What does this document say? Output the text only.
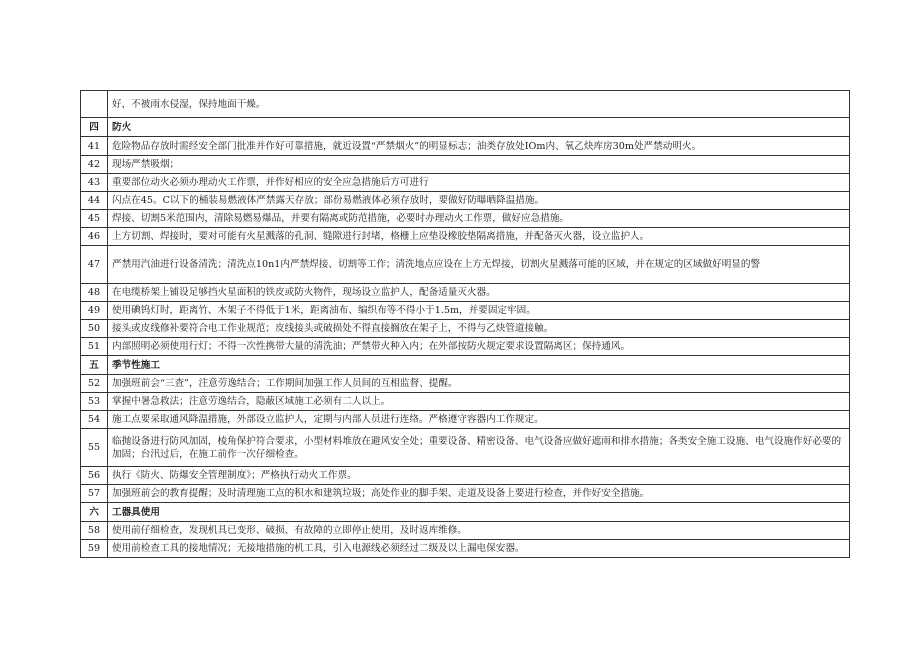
	好，不被雨水侵湿，保持地面干燥。
四	防火
41	危险物品存放时需经安全部门批准并作好可靠措施，就近设置“严禁烟火”的明显标志；油类存放处IOm内、氧乙炔库房30m处严禁动明火。
42	现场严禁吸烟；
43	重要部位动火必须办理动火工作票，并作好相应的安全应急措施后方可进行
44	闪点在45。C以下的桶装易燃液体严禁露天存放；部份易燃液体必须存放时，要做好防曝晒降温措施。
45	焊接、切割5米范围内，清除易燃易爆品，并要有隔离或防范措施，必要时办理动火工作票，做好应急措施。
46	上方切割、焊接时，要对可能有火星溅落的孔洞、缝隙进行封堵，格栅上应垫设橡胶垫隔离措施，并配备灭火器，设立监护人。
47	严禁用汽油进行设备清洗；清洗点10n1内严禁焊接、切割等工作；清洗地点应设在上方无焊接，切割火星溅落可能的区域，并在规定的区域做好明显的警
48	在电缆桥架上铺设足够挡火星面积的铁皮或防火物件，现场设立监护人，配备适量灭火器。
49	使用碘钨灯时，距离竹、木架子不得低于1米，距离油布、编织布等不得小于1.5m，并要固定牢固。
50	接头或皮线修补要符合电工作业规范；皮线接头或破损处不得直接搁放在架子上，不得与乙炔管道接触。
51	内部照明必须使用行灯；不得一次性携带大量的清洗油；严禁带火种入内；在外部按防火规定要求设置隔离区；保持通风。
五	季节性施工
52	加强班前会“三查”，注意劳逸结合；工作期间加强工作人员间的互相监督、提醒。
53	掌握中暑急救法；注意劳逸结合，隐蔽区域施工必须有二人以上。
54	施工点要采取通风降温措施，外部设立监护人，定期与内部人员进行连络。严格遵守容器内工作规定。
55	临抛设备进行防风加固，棱角保护符合要求，小型材料堆放在避风安全处；重要设备、精密设备、电气设备应做好遮雨和排水措施；各类安全施工设施、电气设施作好必要的加固；台汛过后，在施工前作一次仔细检查。
56	执行《防火、防爆安全管理制度》；严格执行动火工作票。
57	加强班前会的教育提醒；及时清理施工点的积水和建筑垃圾；高处作业的脚手架、走道及设备上要进行检查，并作好安全措施。
六	工器具使用
58	使用前仔细检查，发现机具已变形、破损、有故障的立即停止使用，及时返库维修。
59	使用前检查工具的接地情况；无接地措施的机工具，引入电源线必须经过二级及以上漏电保安器。
